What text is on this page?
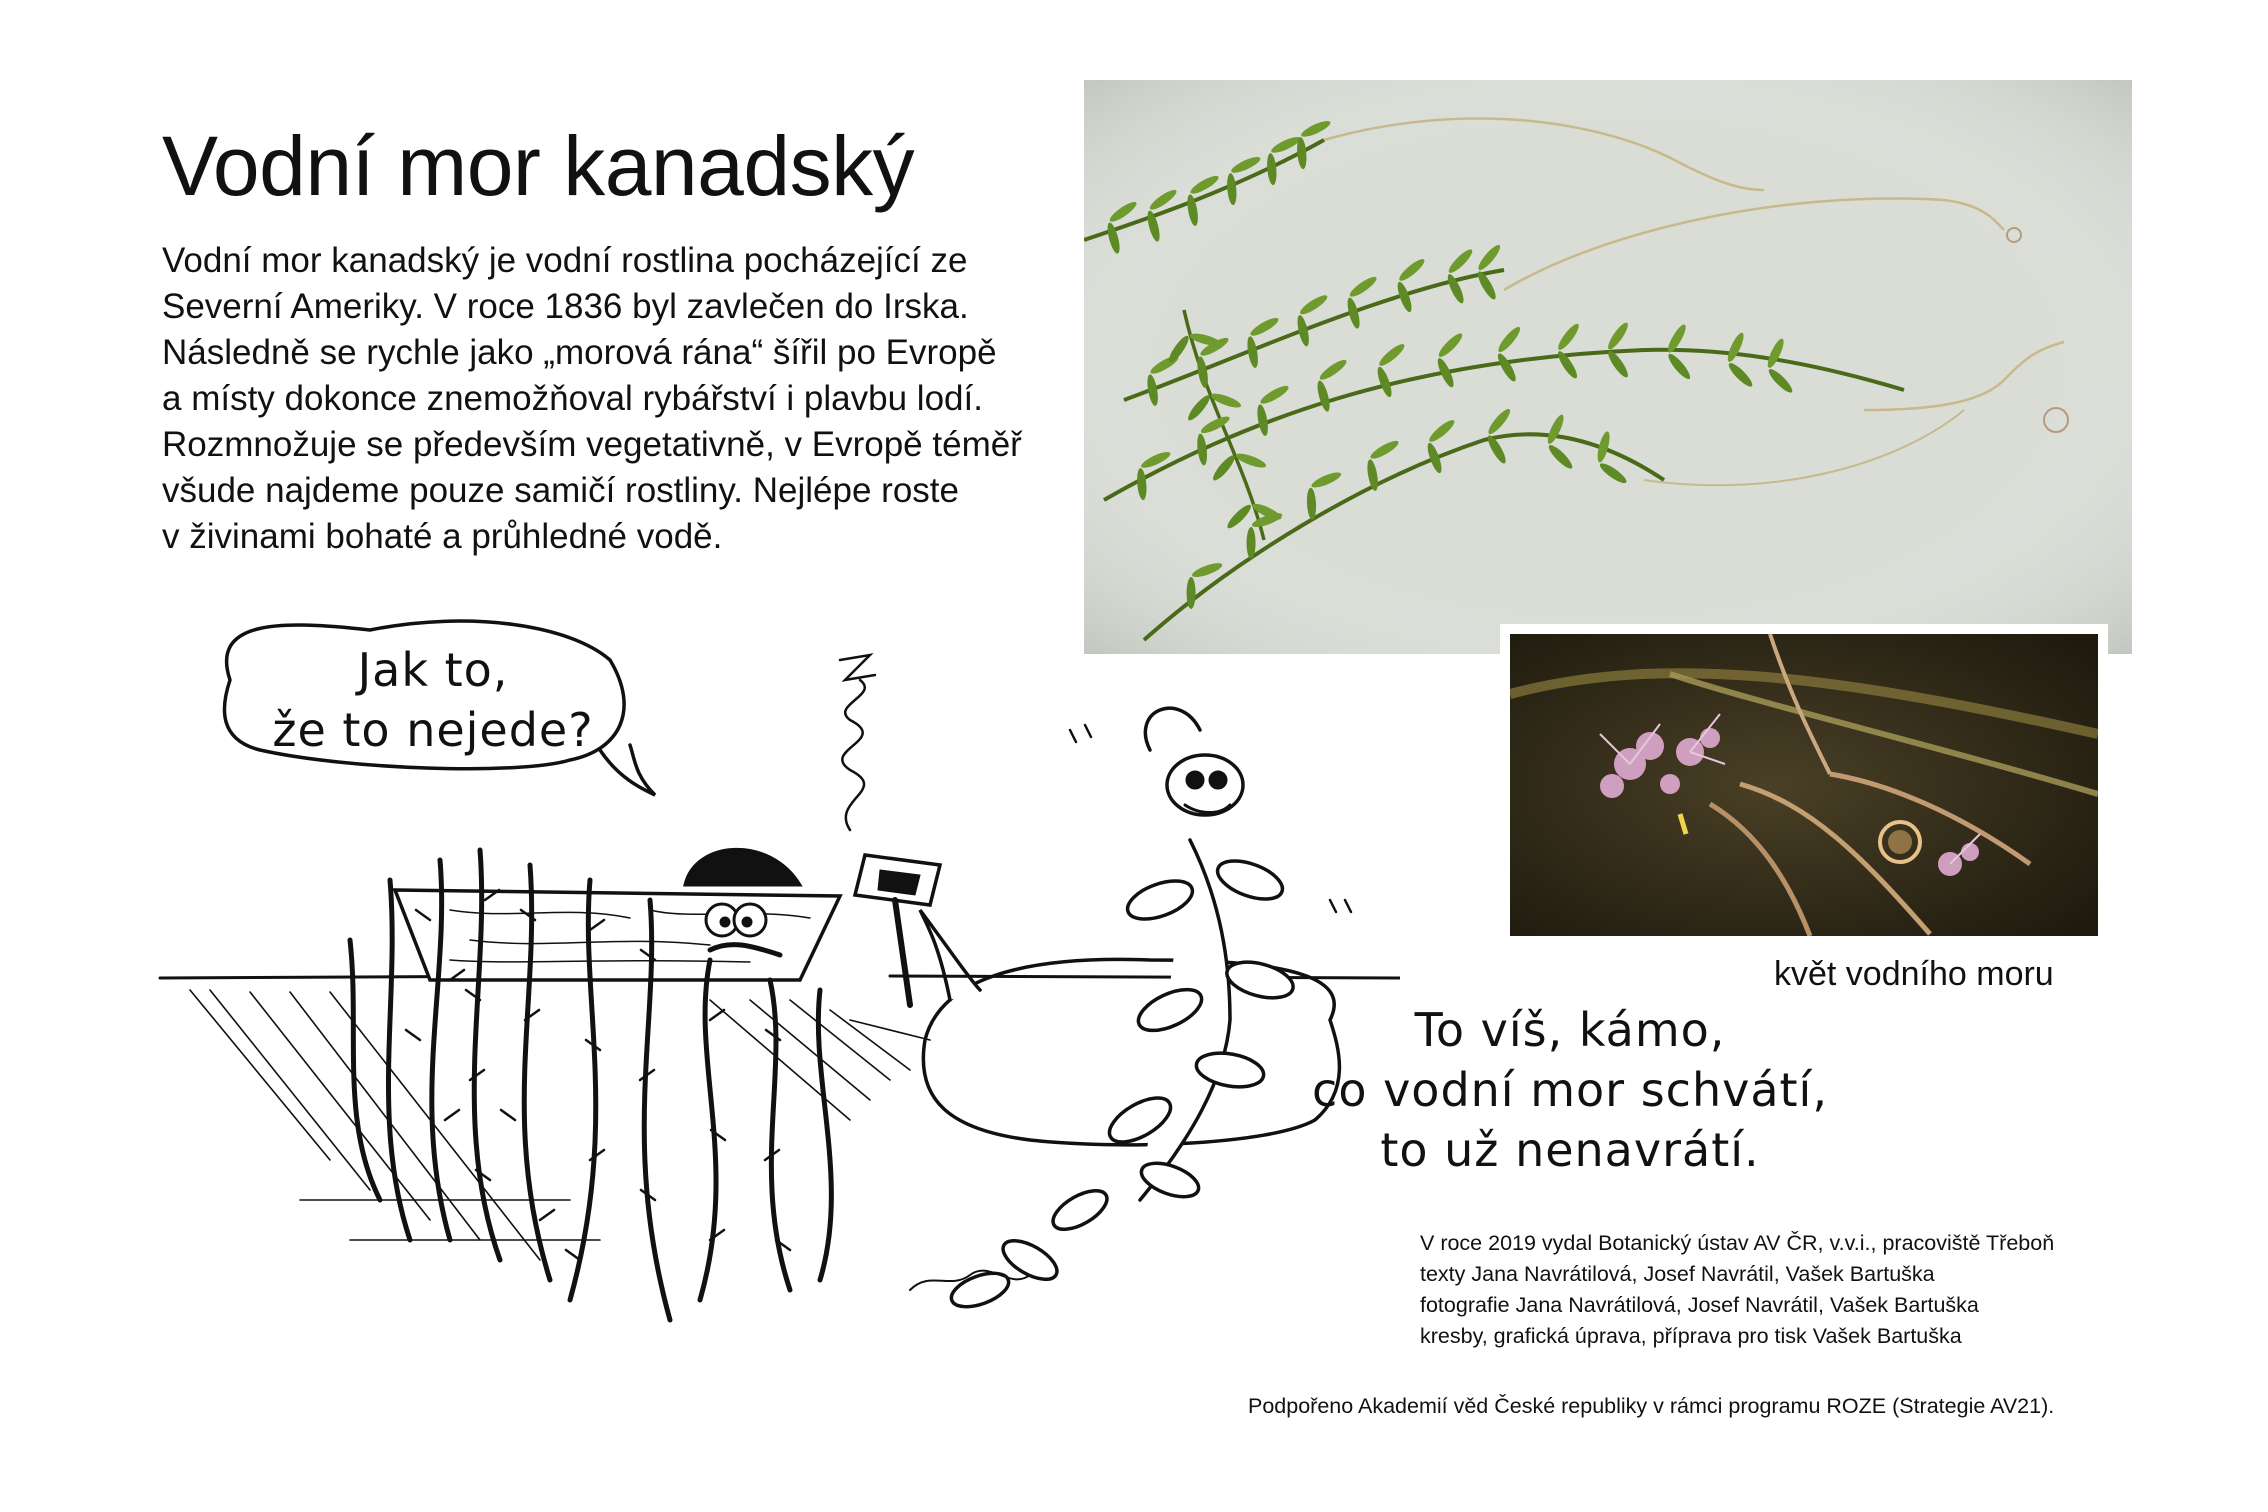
Vodní mor kanadský
Vodní mor kanadský je vodní rostlina pocházející ze
Severní Ameriky. V roce 1836 byl zavlečen do Irska.
Následně se rychle jako „morová rána“ šířil po Evropě
a místy dokonce znemožňoval rybářství i plavbu lodí.
Rozmnožuje se především vegetativně, v Evropě téměř
všude najdeme pouze samičí rostliny. Nejlépe roste
v živinami bohaté a průhledné vodě.
květ vodního moru
Jak to,
že to nejede?
To víš, kámo,
co vodní mor schvátí,
to už nenavrátí.
V roce 2019 vydal Botanický ústav AV ČR, v.v.i., pracoviště Třeboň
texty Jana Navrátilová, Josef Navrátil, Vašek Bartuška
fotografie Jana Navrátilová, Josef Navrátil, Vašek Bartuška
kresby, grafická úprava, příprava pro tisk Vašek Bartuška
Podpořeno Akademií věd České republiky v rámci programu ROZE (Strategie AV21).
